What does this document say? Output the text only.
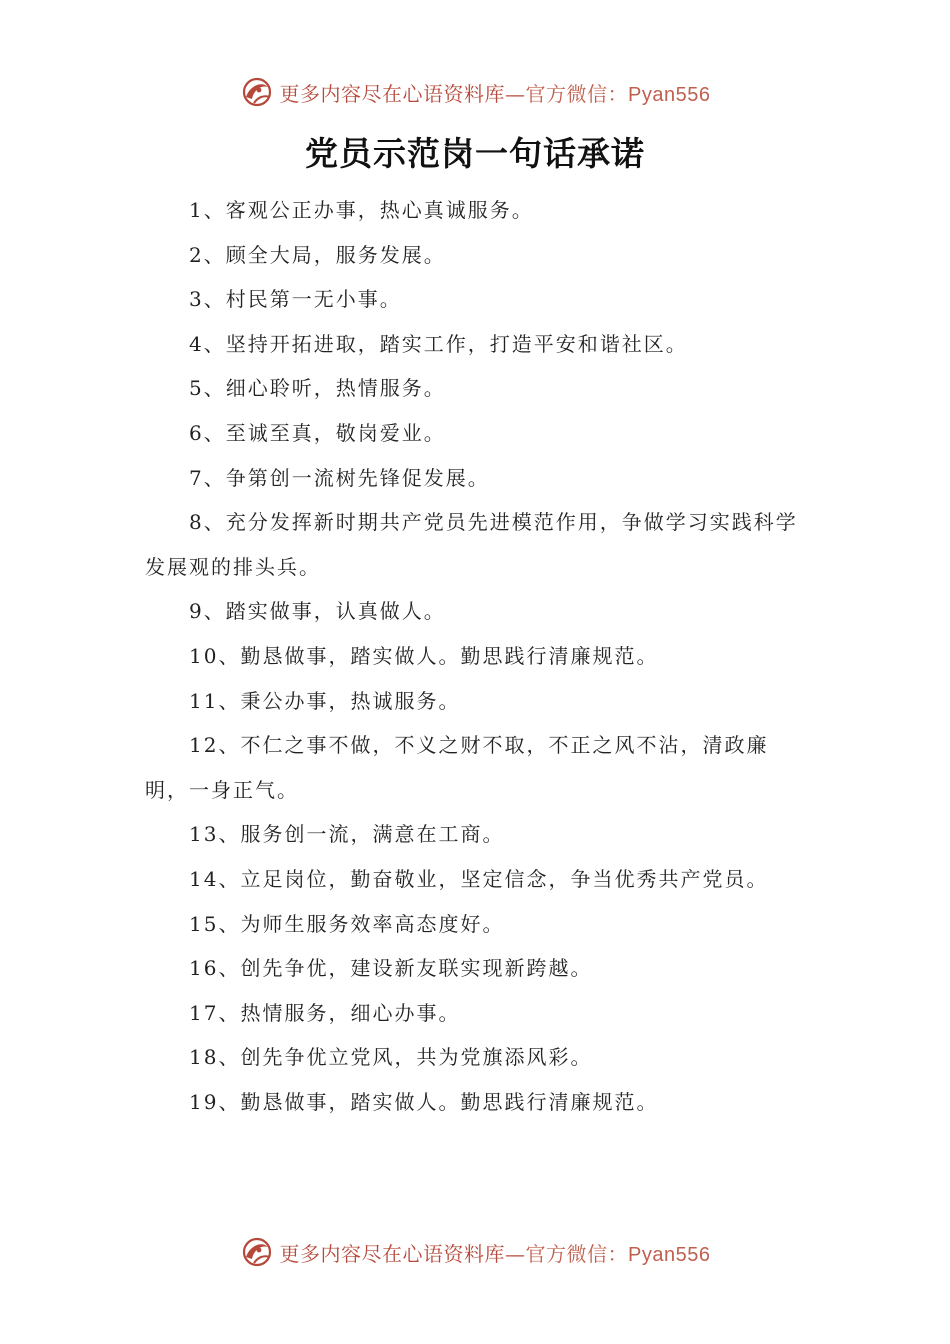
更多内容尽在心语资料库—官方微信：Pyan556
党员示范岗一句话承诺

1、客观公正办事，热心真诚服务。

2、顾全大局，服务发展。

3、村民第一无小事。

4、坚持开拓进取，踏实工作，打造平安和谐社区。

5、细心聆听，热情服务。

6、至诚至真，敬岗爱业。

7、争第创一流树先锋促发展。

8、充分发挥新时期共产党员先进模范作用，争做学习实践科学发展观的排头兵。

9、踏实做事，认真做人。

10、勤恳做事，踏实做人。勤思践行清廉规范。

11、秉公办事，热诚服务。

12、不仁之事不做，不义之财不取，不正之风不沾，清政廉明，一身正气。

13、服务创一流，满意在工商。

14、立足岗位，勤奋敬业，坚定信念，争当优秀共产党员。

15、为师生服务效率高态度好。

16、创先争优，建设新友联实现新跨越。

17、热情服务，细心办事。

18、创先争优立党风，共为党旗添风彩。

19、勤恳做事，踏实做人。勤思践行清廉规范。

更多内容尽在心语资料库—官方微信：Pyan556
